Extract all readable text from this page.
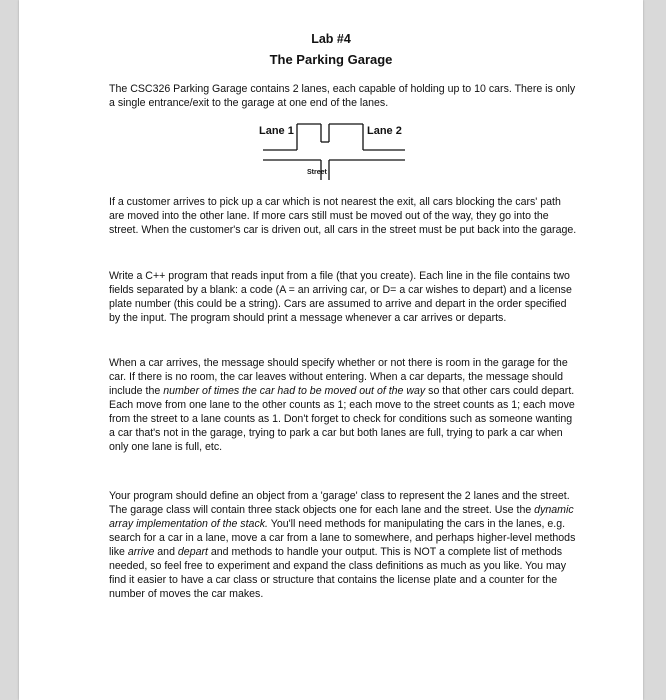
Lab #4
The Parking Garage
The CSC326 Parking Garage contains 2 lanes, each capable of holding up to 10 cars. There is only a single entrance/exit to the garage at one end of the lanes.
Lane 1	Lane 2
Street
If a customer arrives to pick up a car which is not nearest the exit, all cars blocking the cars' path are moved into the other lane. If more cars still must be moved out of the way, they go into the street. When the customer's car is driven out, all cars in the street must be put back into the garage.
Write a C++ program that reads input from a file (that you create). Each line in the file contains two fields separated by a blank: a code (A = an arriving car, or D= a car wishes to depart) and a license plate number (this could be a string). Cars are assumed to arrive and depart in the order specified by the input. The program should print a message whenever a car arrives or departs.
When a car arrives, the message should specify whether or not there is room in the garage for the car. If there is no room, the car leaves without entering. When a car departs, the message should include the number of times the car had to be moved out of the way so that other cars could depart. Each move from one lane to the other counts as 1; each move to the street counts as 1; each move from the street to a lane counts as 1. Don't forget to check for conditions such as someone wanting a car that's not in the garage, trying to park a car but both lanes are full, trying to park a car when only one lane is full, etc.
Your program should define an object from a 'garage' class to represent the 2 lanes and the street. The garage class will contain three stack objects one for each lane and the street. Use the dynamic array implementation of the stack. You'll need methods for manipulating the cars in the lanes, e.g. search for a car in a lane, move a car from a lane to somewhere, and perhaps higher-level methods like arrive and depart and methods to handle your output. This is NOT a complete list of methods needed, so feel free to experiment and expand the class definitions as much as you like. You may find it easier to have a car class or structure that contains the license plate and a counter for the number of moves the car makes.
